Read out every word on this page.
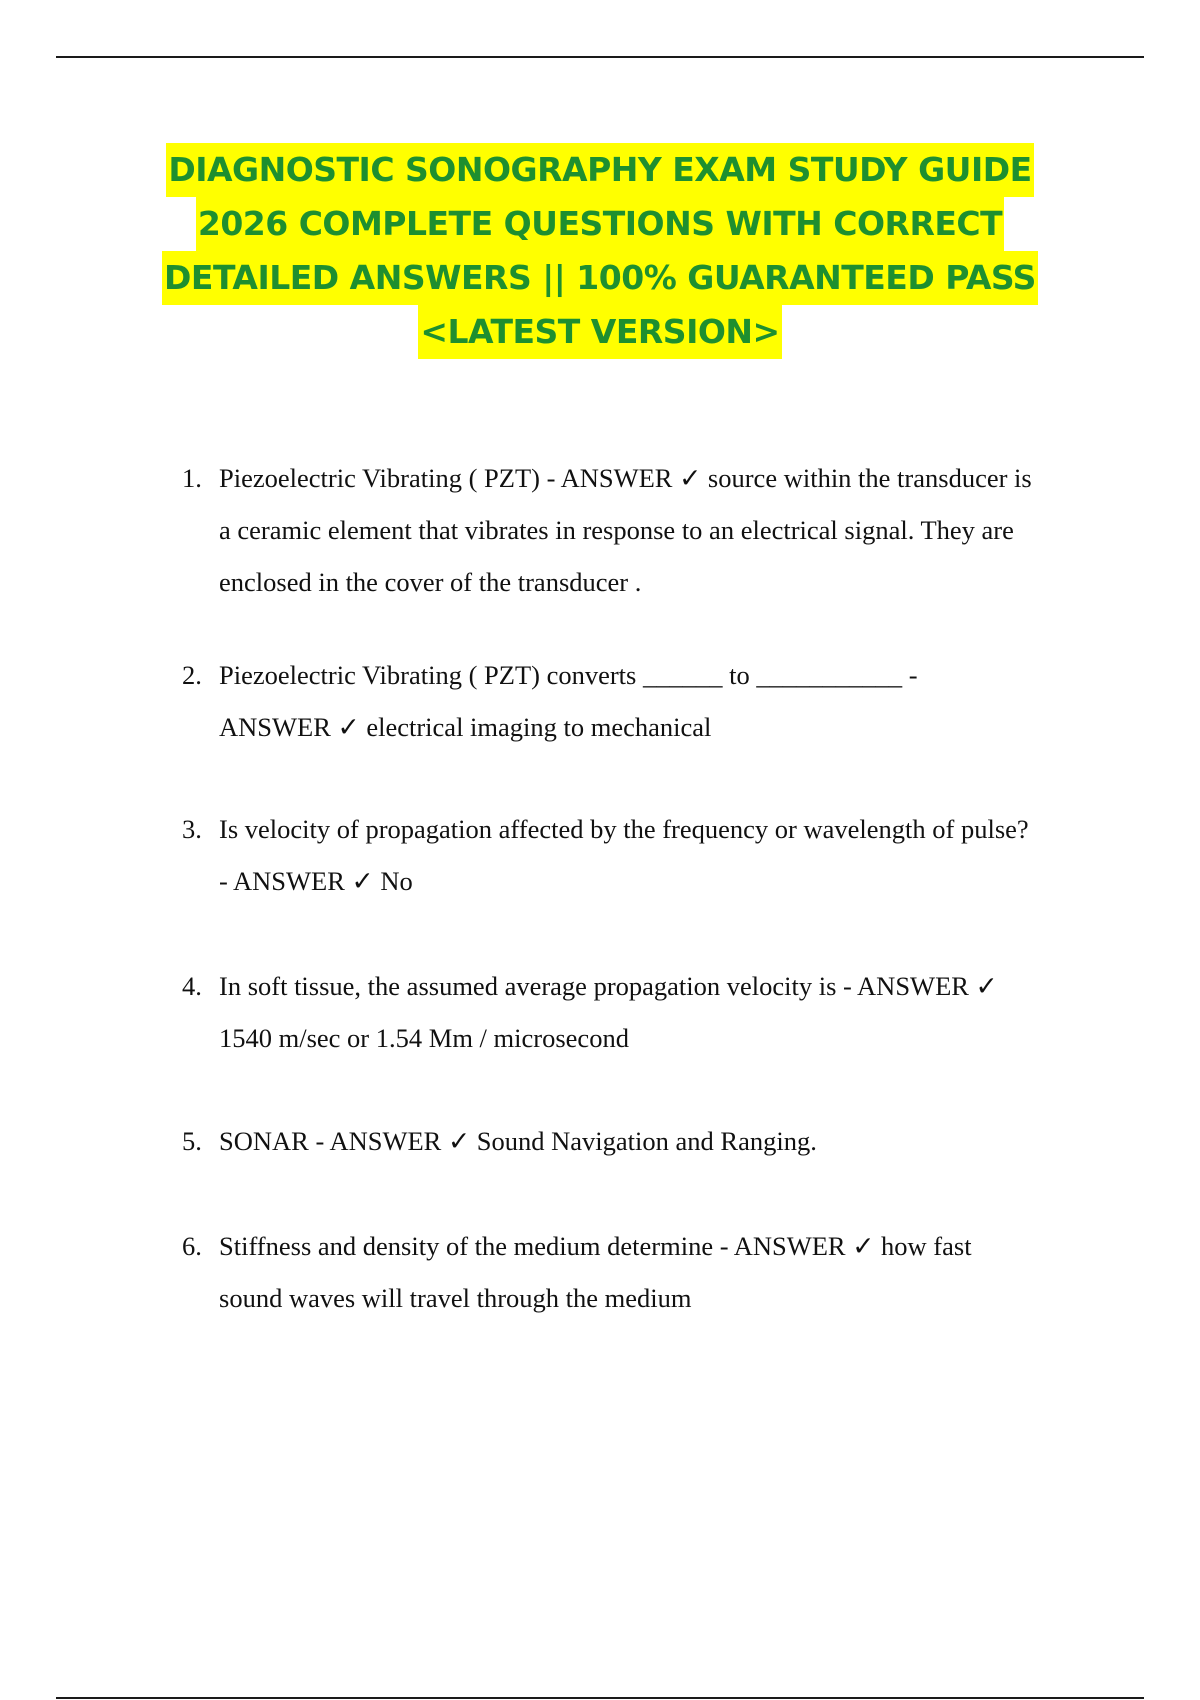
DIAGNOSTIC SONOGRAPHY EXAM STUDY GUIDE
2026 COMPLETE QUESTIONS WITH CORRECT
DETAILED ANSWERS || 100% GUARANTEED PASS
<LATEST VERSION>
1. Piezoelectric Vibrating ( PZT) - ANSWER ✓ source within the transducer is
a ceramic element that vibrates in response to an electrical signal. They are
enclosed in the cover of the transducer .
2. Piezoelectric Vibrating ( PZT) converts ______ to ___________ -
ANSWER ✓ electrical imaging to mechanical
3. Is velocity of propagation affected by the frequency or wavelength of pulse?
- ANSWER ✓ No
4. In soft tissue, the assumed average propagation velocity is - ANSWER ✓
1540 m/sec or 1.54 Mm / microsecond
5. SONAR - ANSWER ✓ Sound Navigation and Ranging.
6. Stiffness and density of the medium determine - ANSWER ✓ how fast
sound waves will travel through the medium
